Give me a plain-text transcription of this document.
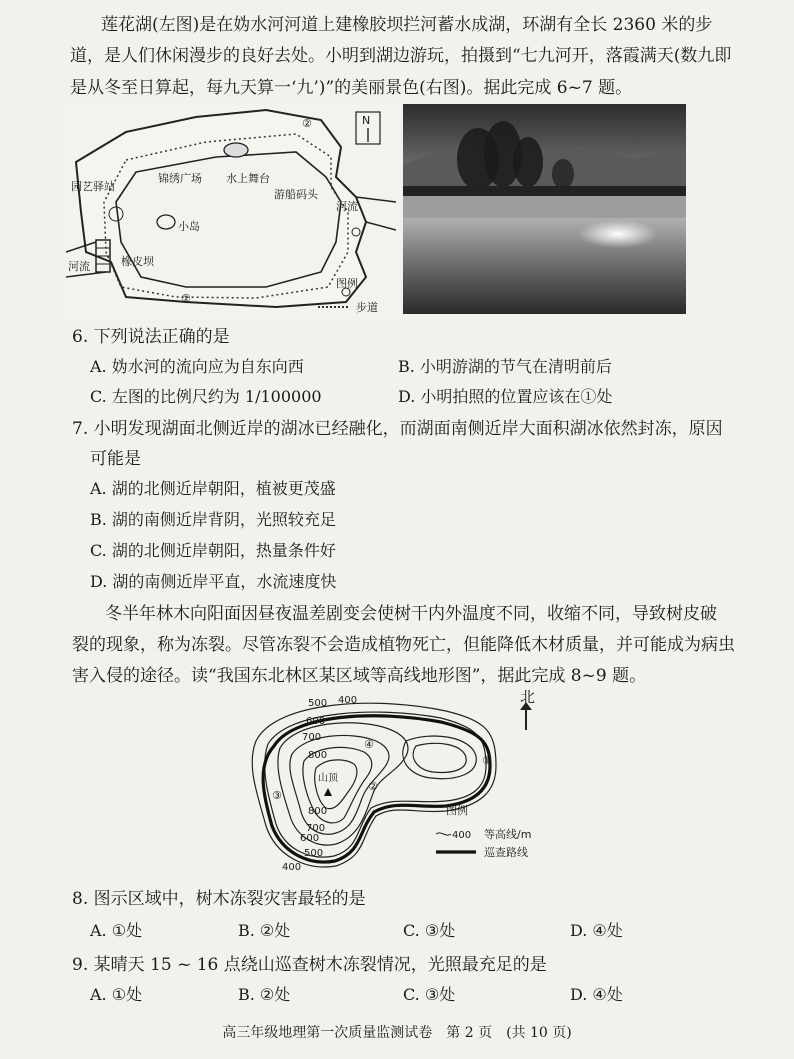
莲花湖(左图)是在妫水河河道上建橡胶坝拦河蓄水成湖，环湖有全长 2360 米的步
道，是人们休闲漫步的良好去处。小明到湖边游玩，拍摄到“七九河开，落霞满天(数九即
是从冬至日算起，每九天算一‘九’)”的美丽景色(右图)。据此完成 6~7 题。
N
园艺驿站
锦绣广场 水上舞台
游船码头
小岛
河流
河流	橡皮坝
②
①
图例
步道
6. 下列说法正确的是
A. 妫水河的流向应为自东向西	B. 小明游湖的节气在清明前后
C. 左图的比例尺约为 1/100000	D. 小明拍照的位置应该在①处
7. 小明发现湖面北侧近岸的湖冰已经融化，而湖面南侧近岸大面积湖冰依然封冻，原因
可能是
A. 湖的北侧近岸朝阳，植被更茂盛
B. 湖的南侧近岸背阴，光照较充足
C. 湖的北侧近岸朝阳，热量条件好
D. 湖的南侧近岸平直，水流速度快
冬半年林木向阳面因昼夜温差剧变会使树干内外温度不同，收缩不同，导致树皮破
裂的现象，称为冻裂。尽管冻裂不会造成植物死亡，但能降低木材质量，并可能成为病虫
害入侵的途径。读“我国东北林区某区域等高线地形图”，据此完成 8~9 题。
山顶
500 400
600
700
800
800
700
600
500
400
①
②
③
④
图例
400 等高线/m
巡查路线
北
8. 图示区域中，树木冻裂灾害最轻的是
A. ①处	B. ②处	C. ③处	D. ④处
9. 某晴天 15 ~ 16 点绕山巡查树木冻裂情况，光照最充足的是
A. ①处	B. ②处	C. ③处	D. ④处
高三年级地理第一次质量监测试卷　第 2 页　(共 10 页)
